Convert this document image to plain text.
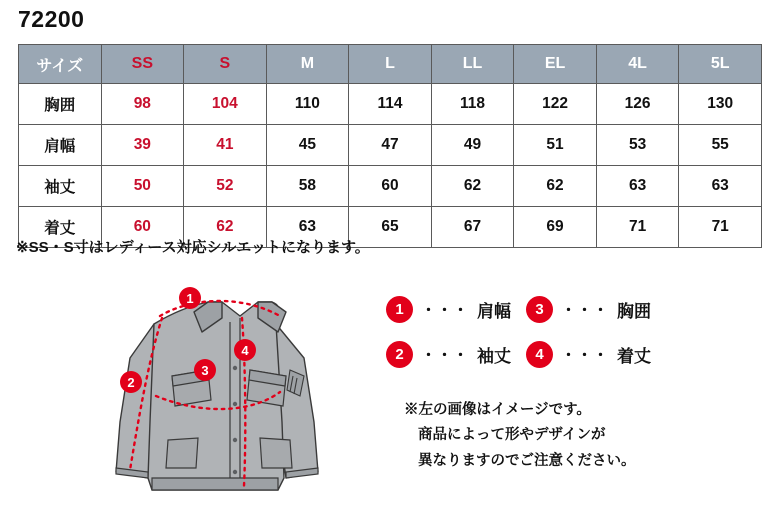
72200
サイズ	SS	S	M	L	LL	EL	4L	5L
胸囲	98	104	110	114	118	122	126	130
肩幅	39	41	45	47	49	51	53	55
袖丈	50	52	58	60	62	62	63	63
着丈	60	62	63	65	67	69	71	71
※SS・S寸はレディース対応シルエットになります。
1
2
3
4
1	・・・ 肩幅	3	・・・ 胸囲
2	・・・ 袖丈	4	・・・ 着丈
※左の画像はイメージです。
商品によって形やデザインが
異なりますのでご注意ください。
